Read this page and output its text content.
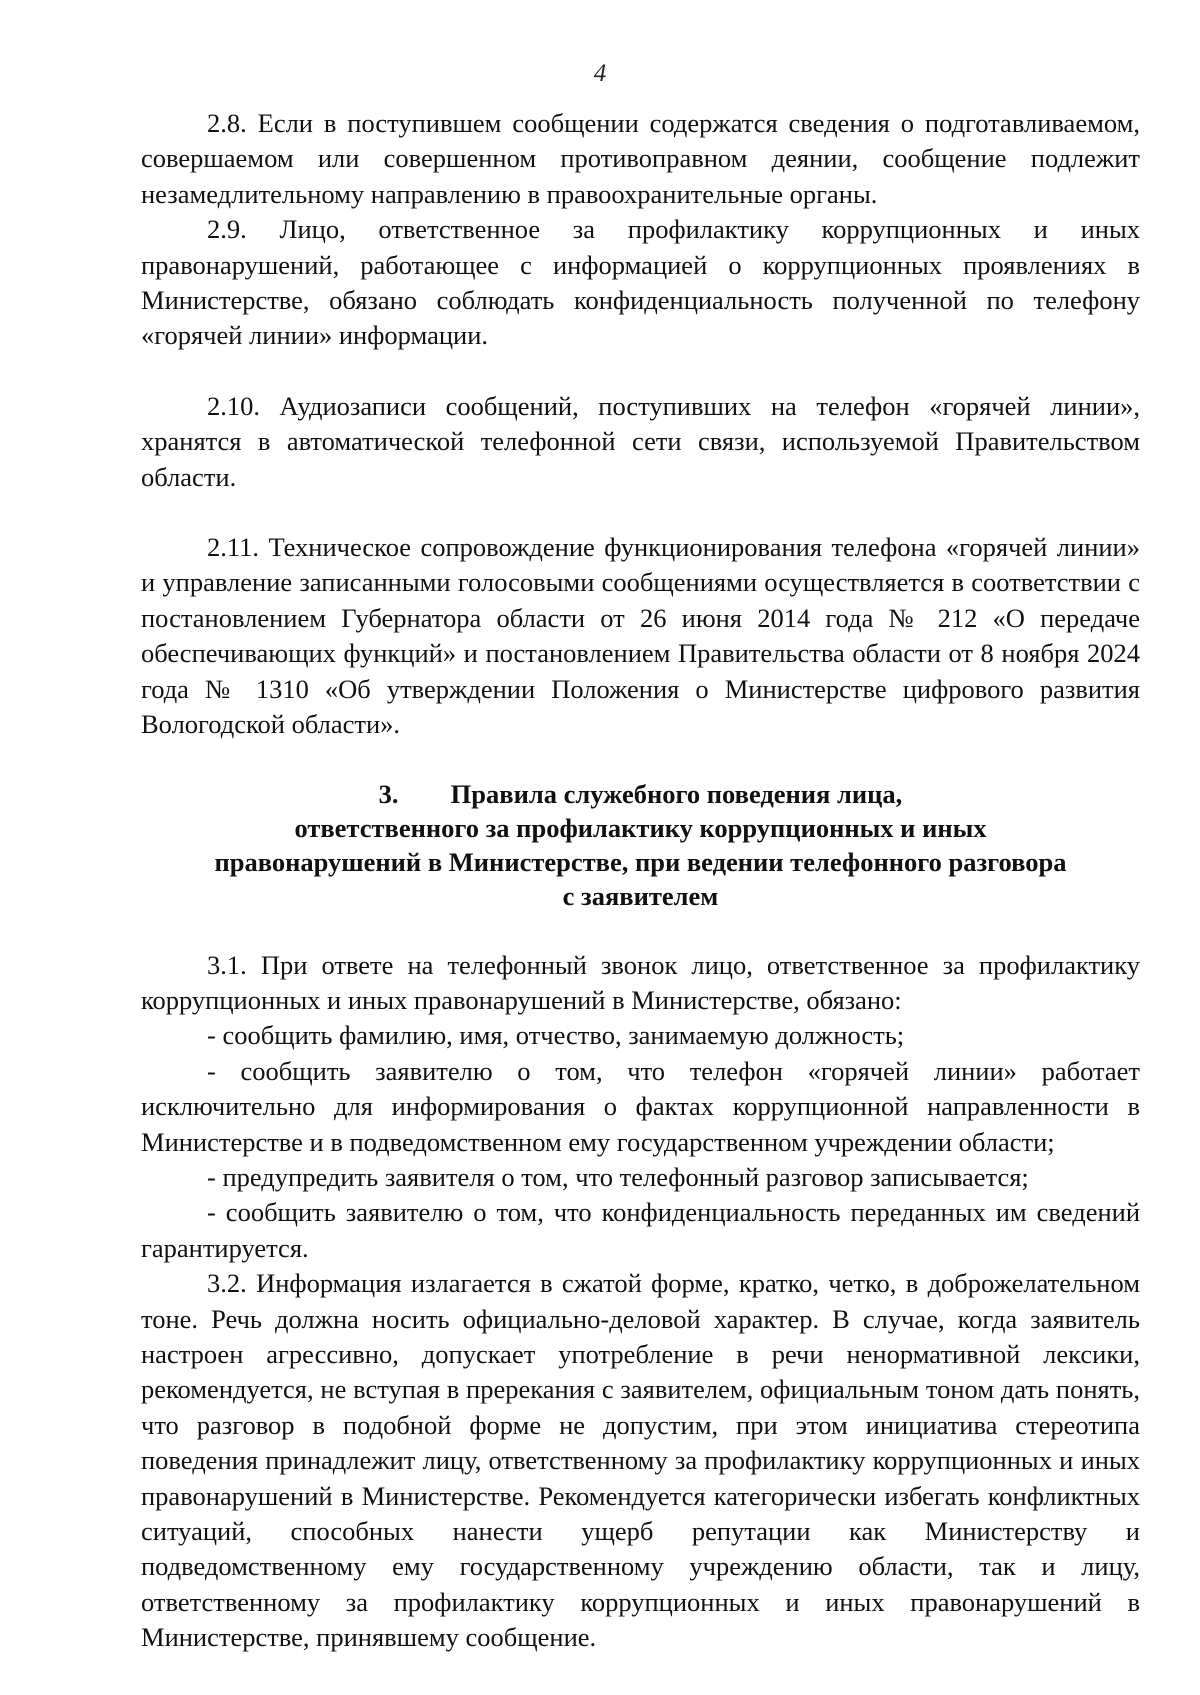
4

2.8. Если в поступившем сообщении содержатся сведения о подготавливаемом, совершаемом или совершенном противоправном деянии, сообщение подлежит незамедлительному направлению в правоохранительные органы.

2.9. Лицо, ответственное за профилактику коррупционных и иных правонарушений, работающее с информацией о коррупционных проявлениях в Министерстве, обязано соблюдать конфиденциальность полученной по телефону «горячей линии» информации.

2.10. Аудиозаписи сообщений, поступивших на телефон «горячей линии», хранятся в автоматической телефонной сети связи, используемой Правительством области.

2.11. Техническое сопровождение функционирования телефона «горячей линии» и управление записанными голосовыми сообщениями осуществляется в соответствии с постановлением Губернатора области от 26 июня 2014 года № 212 «О передаче обеспечивающих функций» и постановлением Правительства области от 8 ноября 2024 года № 1310 «Об утверждении Положения о Министерстве цифрового развития Вологодской области».

3. Правила служебного поведения лица,
ответственного за профилактику коррупционных и иных
правонарушений в Министерстве, при ведении телефонного разговора
с заявителем

3.1. При ответе на телефонный звонок лицо, ответственное за профилактику коррупционных и иных правонарушений в Министерстве, обязано:

- сообщить фамилию, имя, отчество, занимаемую должность;

- сообщить заявителю о том, что телефон «горячей линии» работает исключительно для информирования о фактах коррупционной направленности в Министерстве и в подведомственном ему государственном учреждении области;

- предупредить заявителя о том, что телефонный разговор записывается;

- сообщить заявителю о том, что конфиденциальность переданных им сведений гарантируется.

3.2. Информация излагается в сжатой форме, кратко, четко, в доброжелательном тоне. Речь должна носить официально-деловой характер. В случае, когда заявитель настроен агрессивно, допускает употребление в речи ненормативной лексики, рекомендуется, не вступая в пререкания с заявителем, официальным тоном дать понять, что разговор в подобной форме не допустим, при этом инициатива стереотипа поведения принадлежит лицу, ответственному за профилактику коррупционных и иных правонарушений в Министерстве. Рекомендуется категорически избегать конфликтных ситуаций, способных нанести ущерб репутации как Министерству и подведомственному ему государственному учреждению области, так и лицу, ответственному за профилактику коррупционных и иных правонарушений в Министерстве, принявшему сообщение.
